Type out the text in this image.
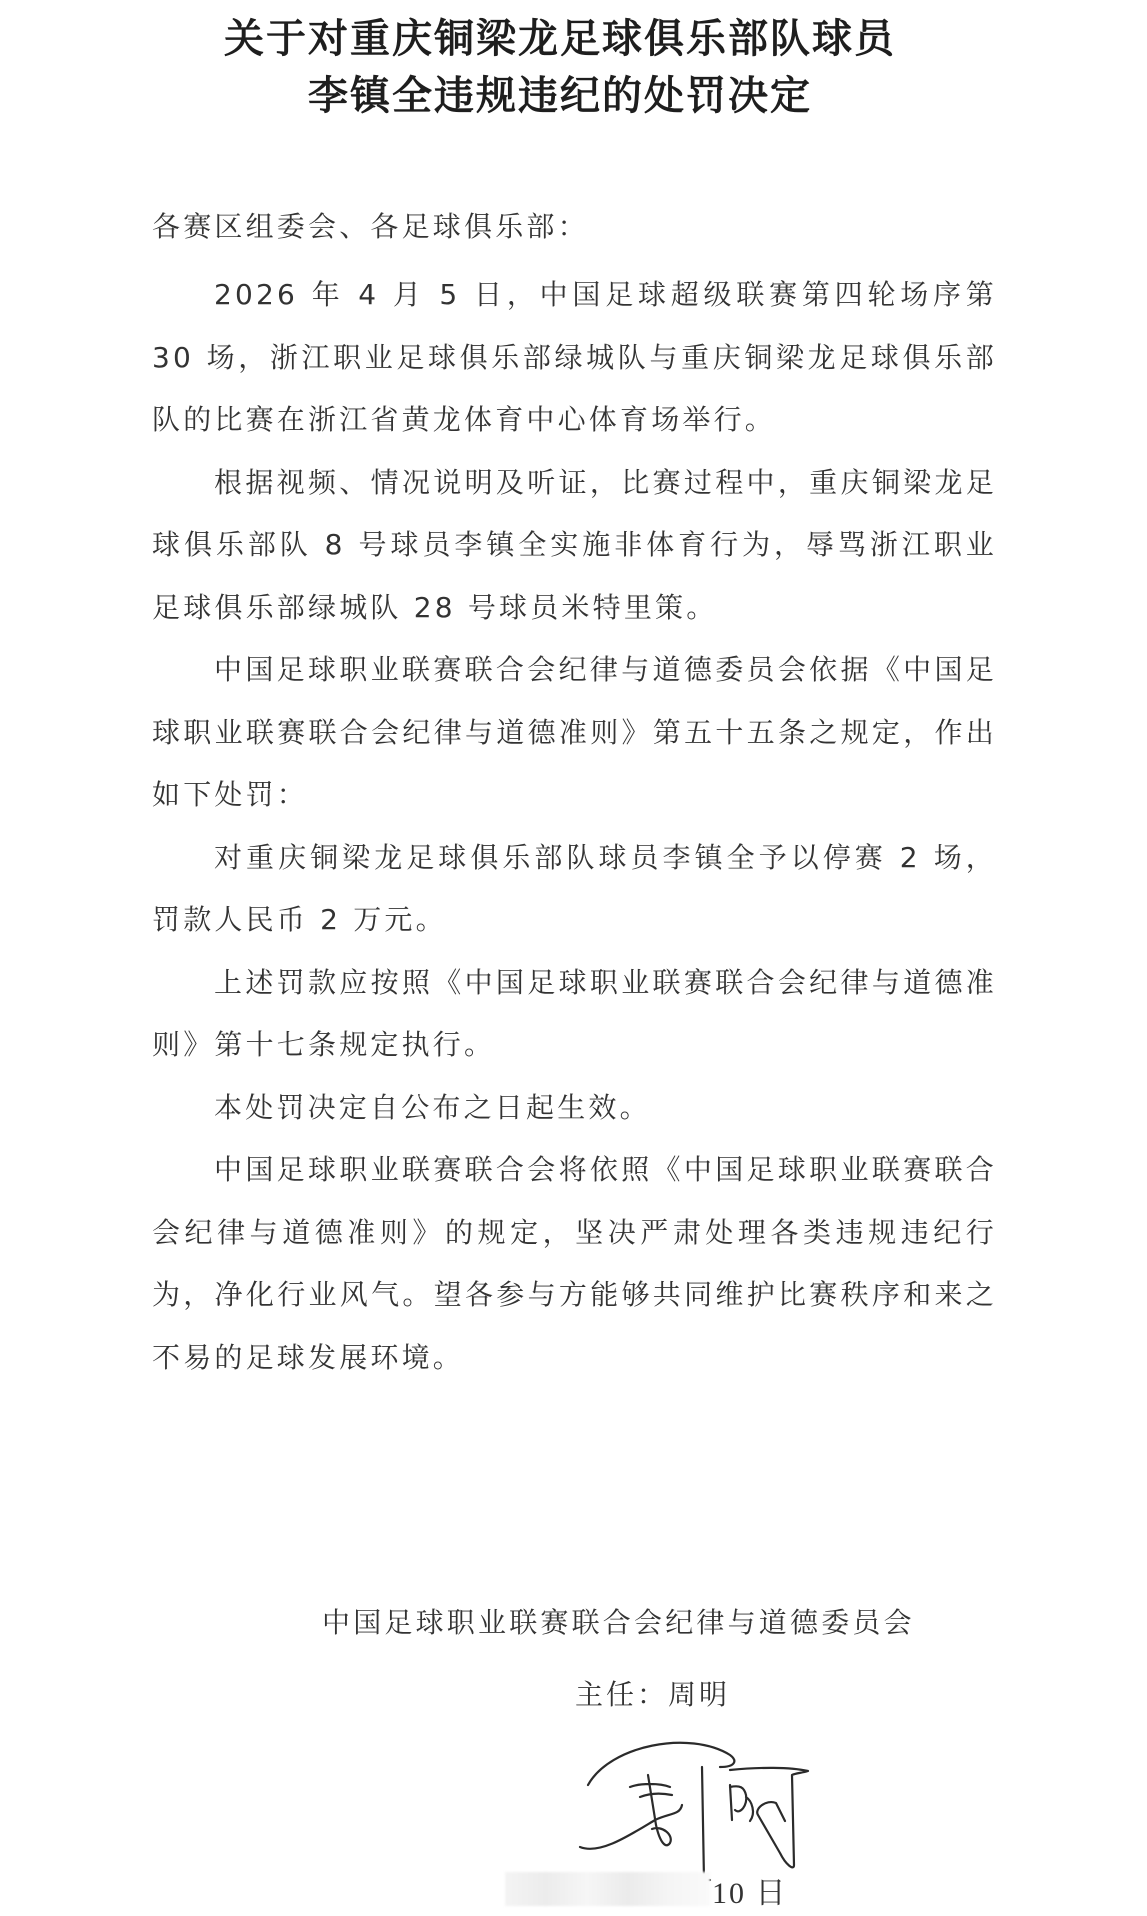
关于对重庆铜梁龙足球俱乐部队球员
李镇全违规违纪的处罚决定
各赛区组委会、各足球俱乐部：

2026 年 4 月 5 日，中国足球超级联赛第四轮场序第 30 场，浙江职业足球俱乐部绿城队与重庆铜梁龙足球俱乐部队的比赛在浙江省黄龙体育中心体育场举行。

根据视频、情况说明及听证，比赛过程中，重庆铜梁龙足球俱乐部队 8 号球员李镇全实施非体育行为，辱骂浙江职业足球俱乐部绿城队 28 号球员米特里策。

中国足球职业联赛联合会纪律与道德委员会依据《中国足球职业联赛联合会纪律与道德准则》第五十五条之规定，作出如下处罚：

对重庆铜梁龙足球俱乐部队球员李镇全予以停赛 2 场，罚款人民币 2 万元。

上述罚款应按照《中国足球职业联赛联合会纪律与道德准则》第十七条规定执行。

本处罚决定自公布之日起生效。

中国足球职业联赛联合会将依照《中国足球职业联赛联合会纪律与道德准则》的规定，坚决严肃处理各类违规违纪行为，净化行业风气。望各参与方能够共同维护比赛秩序和来之不易的足球发展环境。

中国足球职业联赛联合会纪律与道德委员会
主任：周明
10 日
